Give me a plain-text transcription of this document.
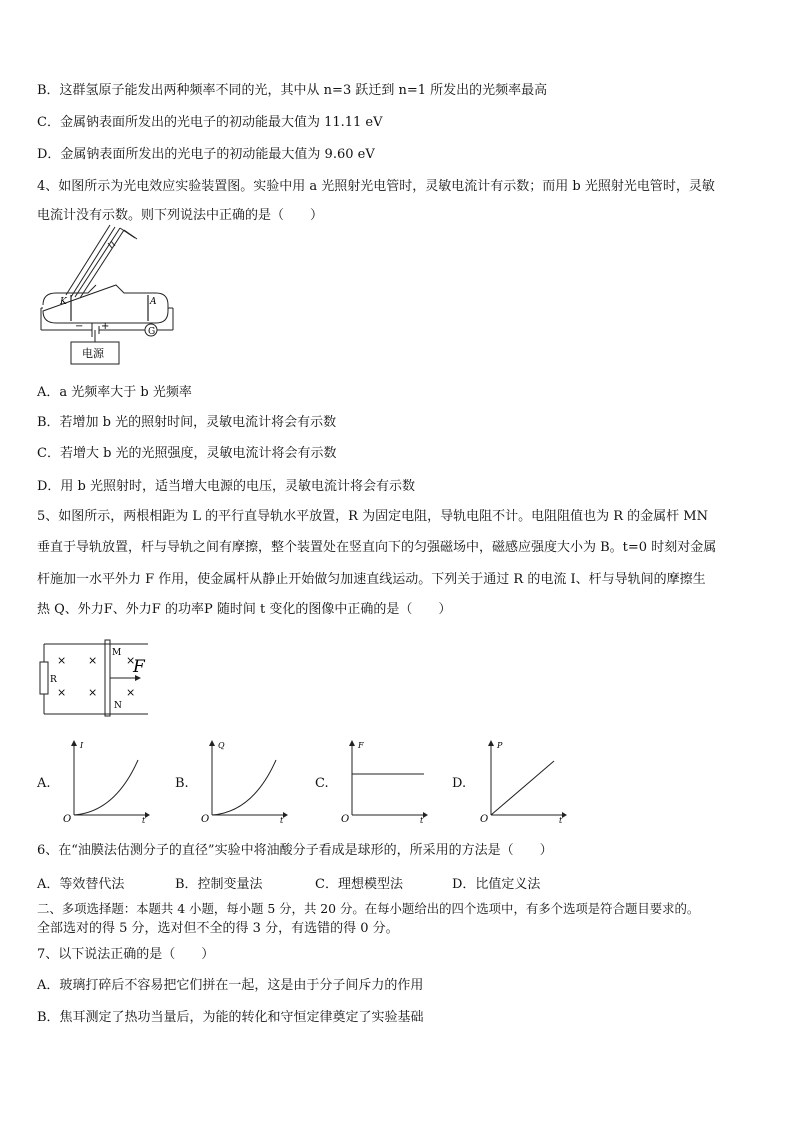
B．这群氢原子能发出两种频率不同的光，其中从 n=3 跃迁到 n=1 所发出的光频率最高
C．金属钠表面所发出的光电子的初动能最大值为 11.11 eV
D．金属钠表面所发出的光电子的初动能最大值为 9.60 eV
4、如图所示为光电效应实验装置图。实验中用 a 光照射光电管时，灵敏电流计有示数；而用 b 光照射光电管时，灵敏
电流计没有示数。则下列说法中正确的是（　　）
K	A
− +	G
电源
A．a 光频率大于 b 光频率
B．若增加 b 光的照射时间，灵敏电流计将会有示数
C．若增大 b 光的光照强度，灵敏电流计将会有示数
D．用 b 光照射时，适当增大电源的电压，灵敏电流计将会有示数
5、如图所示，两根相距为 L 的平行直导轨水平放置，R 为固定电阻，导轨电阻不计。电阻阻值也为 R 的金属杆 MN
垂直于导轨放置，杆与导轨之间有摩擦，整个装置处在竖直向下的匀强磁场中，磁感应强度大小为 B。t=0 时刻对金属
杆施加一水平外力 F 作用，使金属杆从静止开始做匀加速直线运动。下列关于通过 R 的电流 I、杆与导轨间的摩擦生
热 Q、外力F、外力F 的功率P 随时间 t 变化的图像中正确的是（　　）
R
M
N
F
× ×
× ×
×
×
A.
I
t
O
B.
Q
t
O
C.
F
t
O
D.
P
t
O
6、在“油膜法估测分子的直径”实验中将油酸分子看成是球形的，所采用的方法是（　　）
A．等效替代法	B．控制变量法	C．理想模型法	D．比值定义法
二、多项选择题：本题共 4 小题，每小题 5 分，共 20 分。在每小题给出的四个选项中，有多个选项是符合题目要求的。
全部选对的得 5 分，选对但不全的得 3 分，有选错的得 0 分。
7、以下说法正确的是（　　）
A．玻璃打碎后不容易把它们拼在一起，这是由于分子间斥力的作用
B．焦耳测定了热功当量后，为能的转化和守恒定律奠定了实验基础
